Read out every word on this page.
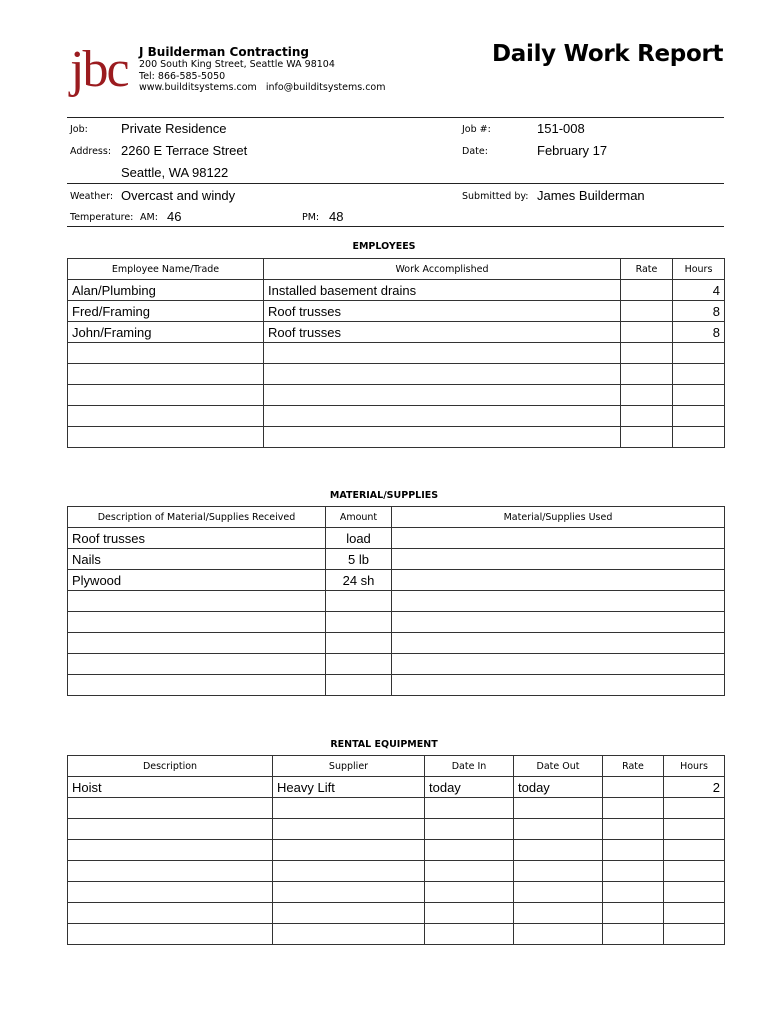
jbc J Builderman Contracting
200 South King Street, Seattle WA 98104
Tel: 866-585-5050
www.builditsystems.com   info@builditsystems.com
Daily Work Report
Job:	Private Residence	Job #:	151-008
Address: 2260 E Terrace Street	Date:	February 17
Seattle, WA 98122
Weather: Overcast and windy	Submitted by: James Builderman
Temperature: AM: 46	PM: 48
EMPLOYEES
Employee Name/Trade	Work Accomplished	Rate	Hours
Alan/Plumbing	Installed basement drains		4
Fred/Framing	Roof trusses		8
John/Framing	Roof trusses		8

MATERIAL/SUPPLIES
Description of Material/Supplies Received	Amount	Material/Supplies Used
Roof trusses	load	
Nails	5 lb	
Plywood	24 sh	

RENTAL EQUIPMENT
Description	Supplier	Date In	Date Out	Rate	Hours
Hoist	Heavy Lift	today	today		2
